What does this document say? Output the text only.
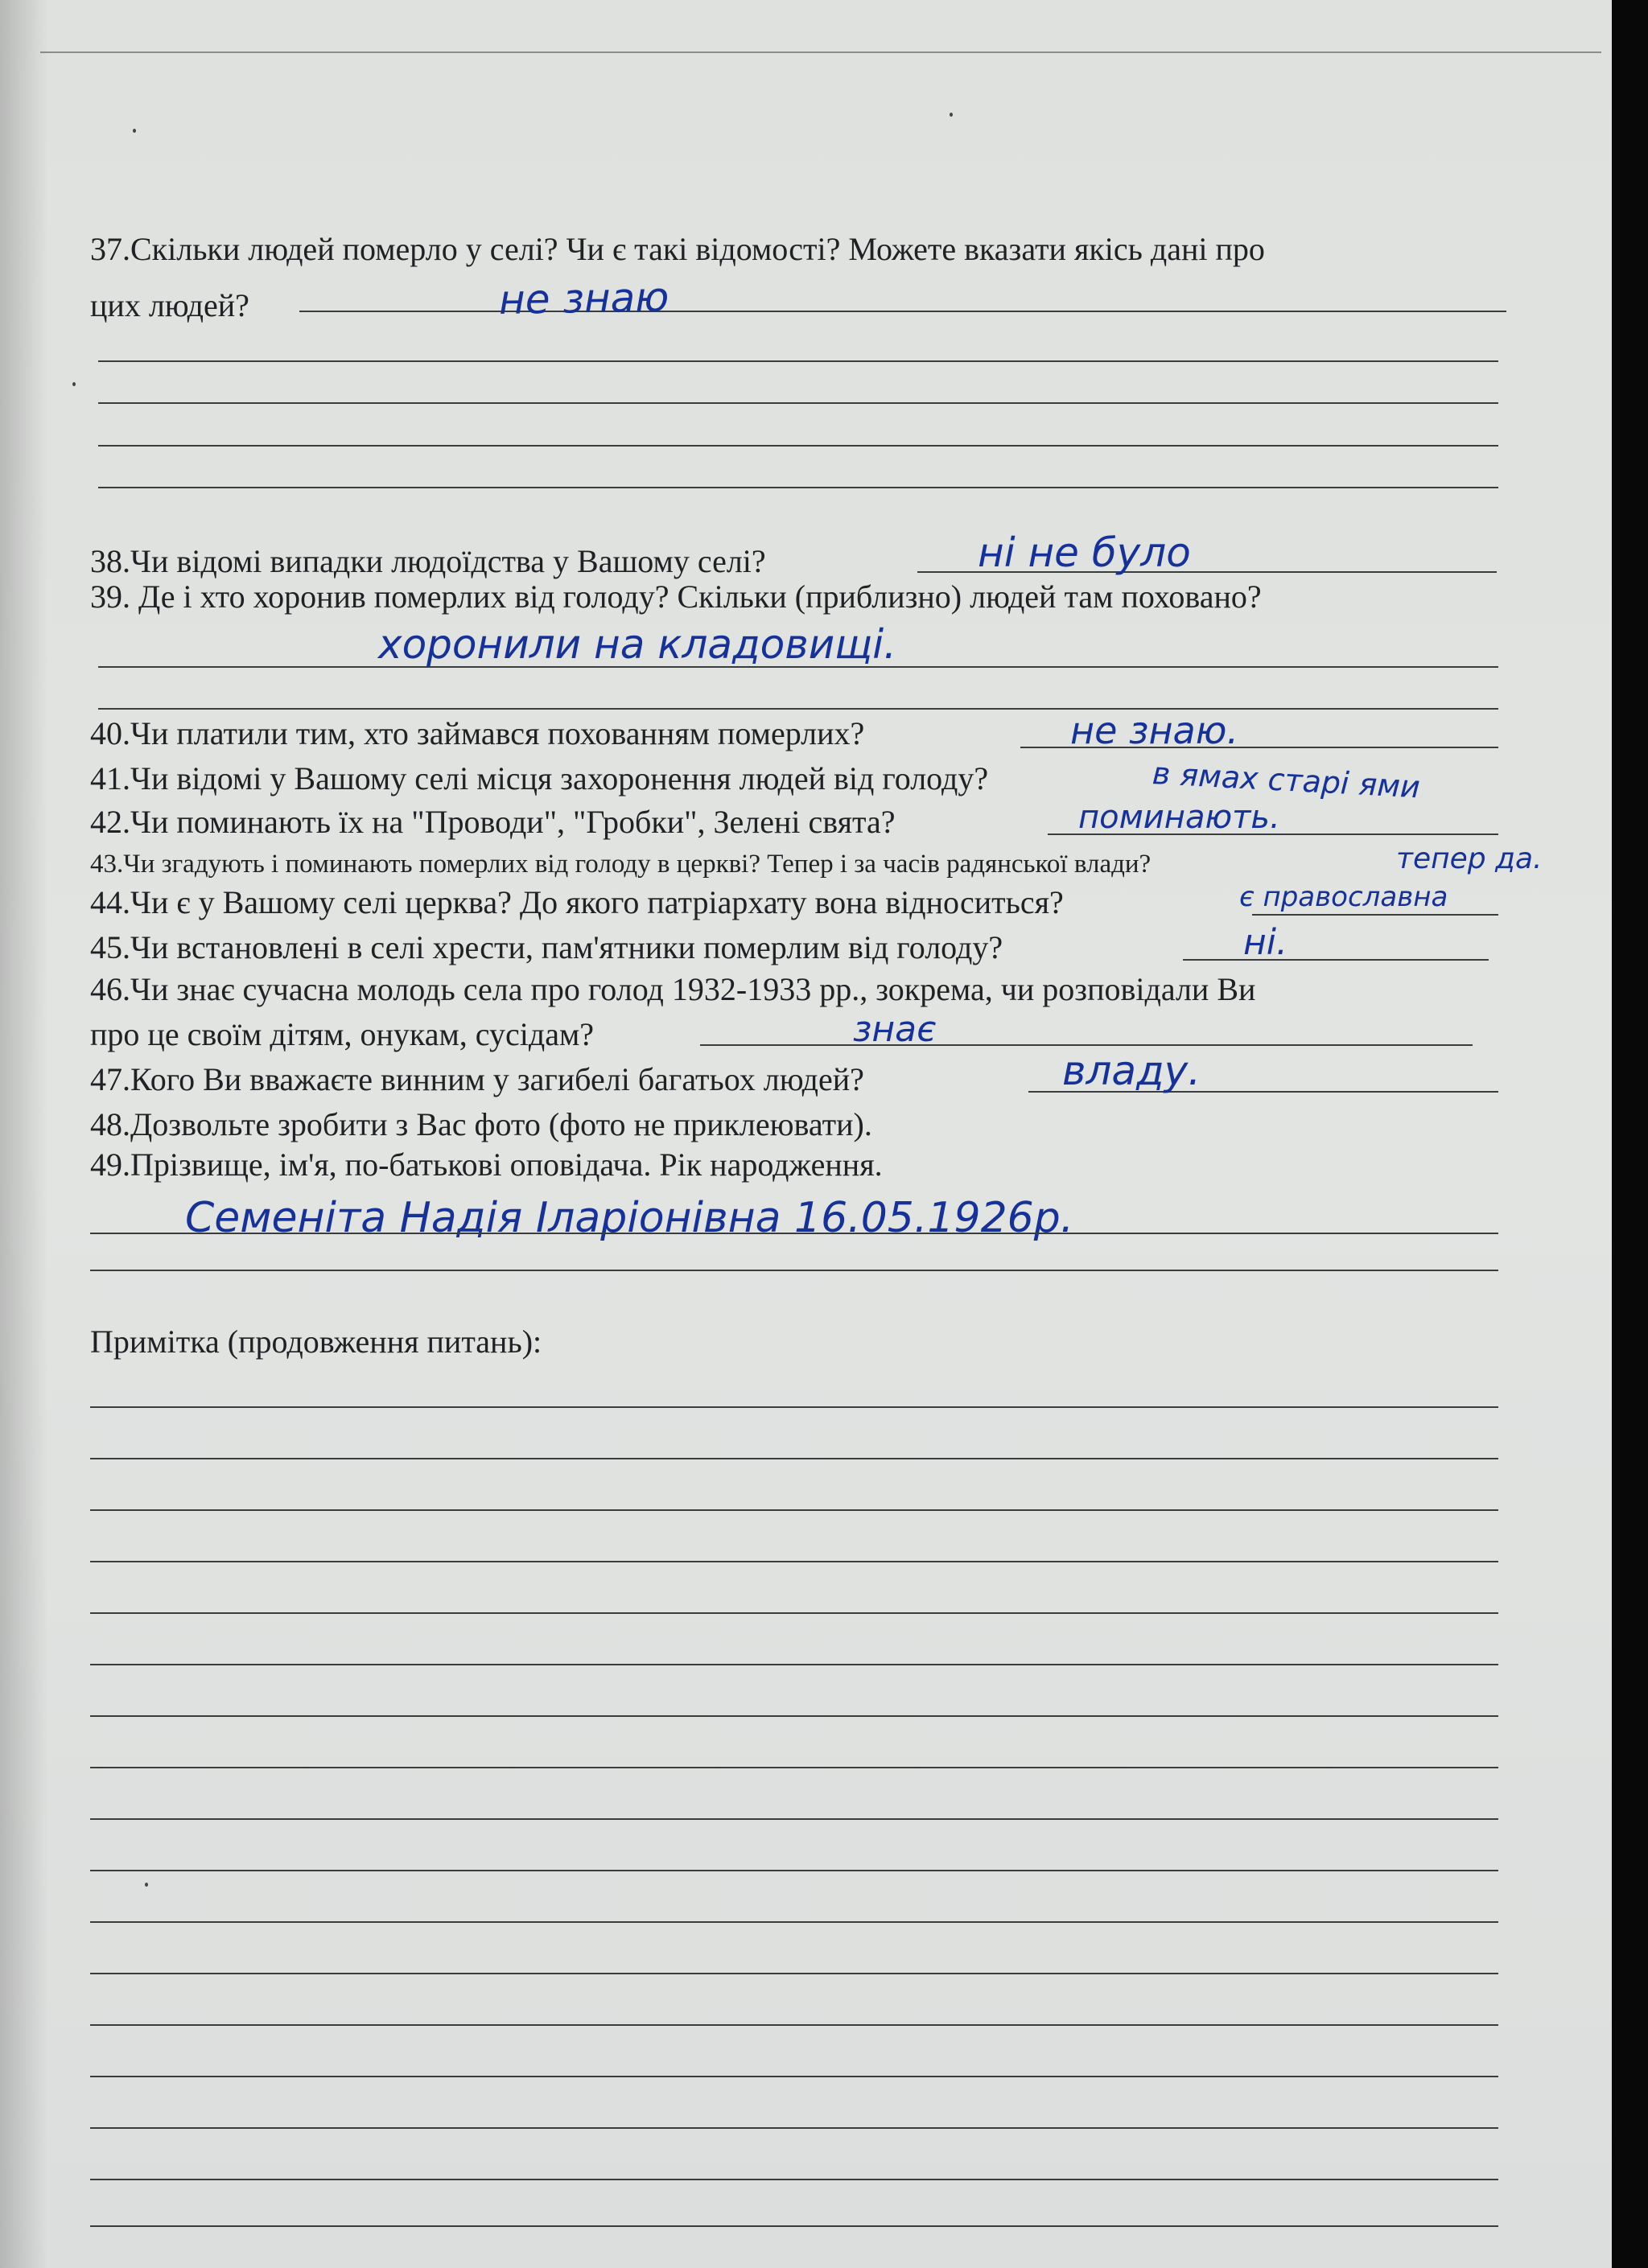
37.Скільки людей померло у селі? Чи є такі відомості? Можете вказати якісь дані про
цих людей?	не знаю
38.Чи відомі випадки людоїдства у Вашому селі?	ні не було
39. Де і хто хоронив померлих від голоду? Скільки (приблизно) людей там поховано?
хоронили на кладовищі.
40.Чи платили тим, хто займався похованням померлих?	не знаю.
41.Чи відомі у Вашому селі місця захоронення людей від голоду?	в ямах старі ями
42.Чи поминають їх на "Проводи", "Гробки", Зелені свята?	поминають.
43.Чи згадують і поминають померлих від голоду в церкві? Тепер і за часів радянської влади?	тепер да.
44.Чи є у Вашому селі церква? До якого патріархату вона відноситься?	є православна
45.Чи встановлені в селі хрести, пам'ятники померлим від голоду?	ні.
46.Чи знає сучасна молодь села про голод 1932-1933 рр., зокрема, чи розповідали Ви
про це своїм дітям, онукам, сусідам?	знає
47.Кого Ви вважаєте винним у загибелі багатьох людей?	владу.
48.Дозвольте зробити з Вас фото (фото не приклеювати).
49.Прізвище, ім'я, по-батькові оповідача. Рік народження.
Семеніта Надія Іларіонівна 16.05.1926р.
Примітка (продовження питань):
